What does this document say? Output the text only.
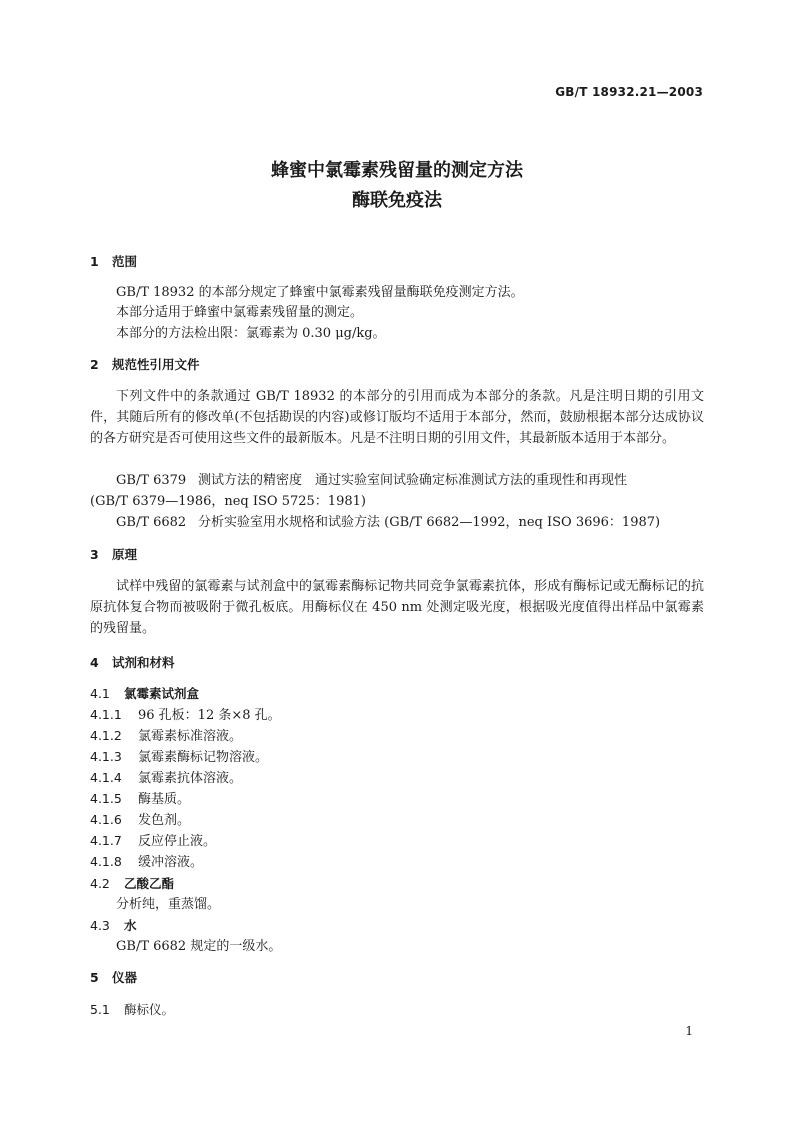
GB/T 18932.21—2003
蜂蜜中氯霉素残留量的测定方法
酶联免疫法
1 范围
GB/T 18932 的本部分规定了蜂蜜中氯霉素残留量酶联免疫测定方法。
本部分适用于蜂蜜中氯霉素残留量的测定。
本部分的方法检出限：氯霉素为 0.30 μg/kg。
2 规范性引用文件
下列文件中的条款通过 GB/T 18932 的本部分的引用而成为本部分的条款。凡是注明日期的引用文件，其随后所有的修改单(不包括勘误的内容)或修订版均不适用于本部分，然而，鼓励根据本部分达成协议的各方研究是否可使用这些文件的最新版本。凡是不注明日期的引用文件，其最新版本适用于本部分。
GB/T 6379 测试方法的精密度　通过实验室间试验确定标准测试方法的重现性和再现性
(GB/T 6379—1986，neq ISO 5725：1981)
GB/T 6682 分析实验室用水规格和试验方法 (GB/T 6682—1992，neq ISO 3696：1987)
3 原理
试样中残留的氯霉素与试剂盒中的氯霉素酶标记物共同竞争氯霉素抗体，形成有酶标记或无酶标记的抗原抗体复合物而被吸附于微孔板底。用酶标仪在 450 nm 处测定吸光度，根据吸光度值得出样品中氯霉素的残留量。
4 试剂和材料
4.1 氯霉素试剂盒
4.1.1 96 孔板：12 条×8 孔。
4.1.2 氯霉素标准溶液。
4.1.3 氯霉素酶标记物溶液。
4.1.4 氯霉素抗体溶液。
4.1.5 酶基质。
4.1.6 发色剂。
4.1.7 反应停止液。
4.1.8 缓冲溶液。
4.2 乙酸乙酯
分析纯，重蒸馏。
4.3 水
GB/T 6682 规定的一级水。
5 仪器
5.1 酶标仪。
1
